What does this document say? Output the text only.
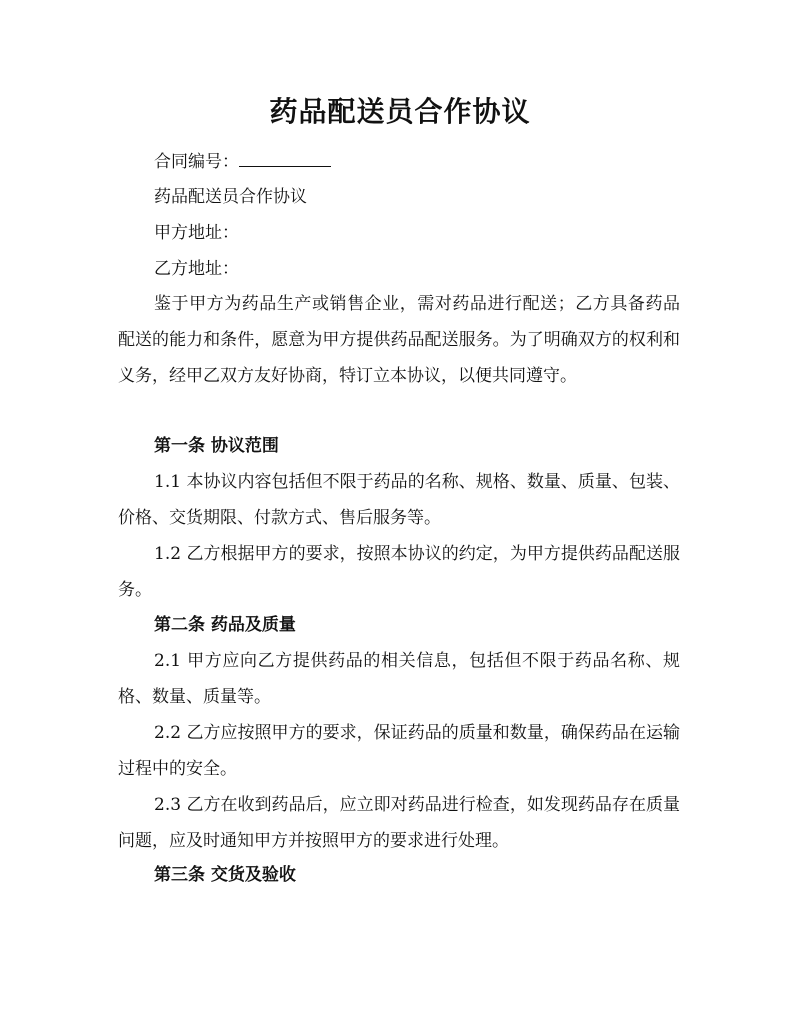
药品配送员合作协议

合同编号：

药品配送员合作协议

甲方地址：

乙方地址：

鉴于甲方为药品生产或销售企业，需对药品进行配送；乙方具备药品配送的能力和条件，愿意为甲方提供药品配送服务。为了明确双方的权利和义务，经甲乙双方友好协商，特订立本协议，以便共同遵守。

第一条 协议范围

1.1 本协议内容包括但不限于药品的名称、规格、数量、质量、包装、价格、交货期限、付款方式、售后服务等。

1.2 乙方根据甲方的要求，按照本协议的约定，为甲方提供药品配送服务。

第二条 药品及质量

2.1 甲方应向乙方提供药品的相关信息，包括但不限于药品名称、规格、数量、质量等。

2.2 乙方应按照甲方的要求，保证药品的质量和数量，确保药品在运输过程中的安全。

2.3 乙方在收到药品后，应立即对药品进行检查，如发现药品存在质量问题，应及时通知甲方并按照甲方的要求进行处理。

第三条 交货及验收
